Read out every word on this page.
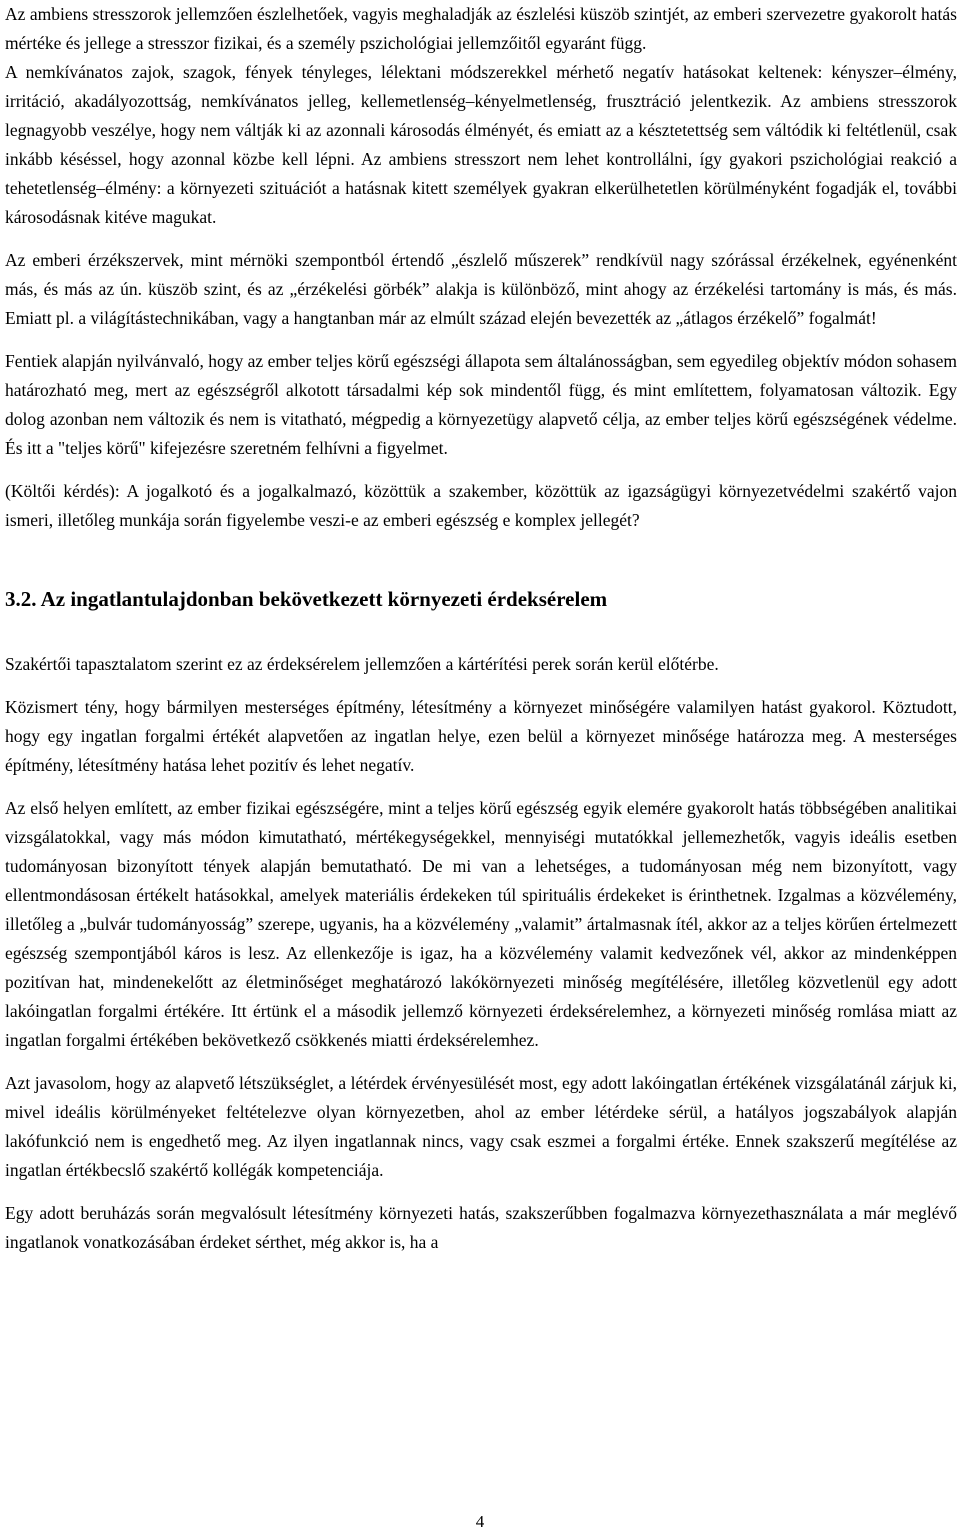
Az ambiens stresszorok jellemzően észlelhetőek, vagyis meghaladják az észlelési küszöb szintjét, az emberi szervezetre gyakorolt hatás mértéke és jellege a stresszor fizikai, és a személy pszichológiai jellemzőitől egyaránt függ.

A nemkívánatos zajok, szagok, fények tényleges, lélektani módszerekkel mérhető negatív hatásokat keltenek: kényszer–élmény, irritáció, akadályozottság, nemkívánatos jelleg, kellemetlenség–kényelmetlenség, frusztráció jelentkezik. Az ambiens stresszorok legnagyobb veszélye, hogy nem váltják ki az azonnali károsodás élményét, és emiatt az a késztetettség sem váltódik ki feltétlenül, csak inkább késéssel, hogy azonnal közbe kell lépni. Az ambiens stresszort nem lehet kontrollálni, így gyakori pszichológiai reakció a tehetetlenség–élmény: a környezeti szituációt a hatásnak kitett személyek gyakran elkerülhetetlen körülményként fogadják el, további károsodásnak kitéve magukat.

Az emberi érzékszervek, mint mérnöki szempontból értendő „észlelő műszerek” rendkívül nagy szórással érzékelnek, egyénenként más, és más az ún. küszöb szint, és az „érzékelési görbék” alakja is különböző, mint ahogy az érzékelési tartomány is más, és más. Emiatt pl. a világítástechnikában, vagy a hangtanban már az elmúlt század elején bevezették az „átlagos érzékelő” fogalmát!

Fentiek alapján nyilvánvaló, hogy az ember teljes körű egészségi állapota sem általánosságban, sem egyedileg objektív módon sohasem határozható meg, mert az egészségről alkotott társadalmi kép sok mindentől függ, és mint említettem, folyamatosan változik. Egy dolog azonban nem változik és nem is vitatható, mégpedig a környezetügy alapvető célja, az ember teljes körű egészségének védelme. És itt a "teljes körű" kifejezésre szeretném felhívni a figyelmet.

(Költői kérdés): A jogalkotó és a jogalkalmazó, közöttük a szakember, közöttük az igazságügyi környezetvédelmi szakértő vajon ismeri, illetőleg munkája során figyelembe veszi-e az emberi egészség e komplex jellegét?

3.2. Az ingatlantulajdonban bekövetkezett környezeti érdeksérelem

Szakértői tapasztalatom szerint ez az érdeksérelem jellemzően a kártérítési perek során kerül előtérbe.

Közismert tény, hogy bármilyen mesterséges építmény, létesítmény a környezet minőségére valamilyen hatást gyakorol. Köztudott, hogy egy ingatlan forgalmi értékét alapvetően az ingatlan helye, ezen belül a környezet minősége határozza meg. A mesterséges építmény, létesítmény hatása lehet pozitív és lehet negatív.

Az első helyen említett, az ember fizikai egészségére, mint a teljes körű egészség egyik elemére gyakorolt hatás többségében analitikai vizsgálatokkal, vagy más módon kimutatható, mértékegységekkel, mennyiségi mutatókkal jellemezhetők, vagyis ideális esetben tudományosan bizonyított tények alapján bemutatható. De mi van a lehetséges, a tudományosan még nem bizonyított, vagy ellentmondásosan értékelt hatásokkal, amelyek materiális érdekeken túl spirituális érdekeket is érinthetnek. Izgalmas a közvélemény, illetőleg a „bulvár tudományosság” szerepe, ugyanis, ha a közvélemény „valamit” ártalmasnak ítél, akkor az a teljes körűen értelmezett egészség szempontjából káros is lesz. Az ellenkezője is igaz, ha a közvélemény valamit kedvezőnek vél, akkor az mindenképpen pozitívan hat, mindenekelőtt az életminőséget meghatározó lakókörnyezeti minőség megítélésére, illetőleg közvetlenül egy adott lakóingatlan forgalmi értékére. Itt értünk el a második jellemző környezeti érdeksérelemhez, a környezeti minőség romlása miatt az ingatlan forgalmi értékében bekövetkező csökkenés miatti érdeksérelemhez.

Azt javasolom, hogy az alapvető létszükséglet, a létérdek érvényesülését most, egy adott lakóingatlan értékének vizsgálatánál zárjuk ki, mivel ideális körülményeket feltételezve olyan környezetben, ahol az ember létérdeke sérül, a hatályos jogszabályok alapján lakófunkció nem is engedhető meg. Az ilyen ingatlannak nincs, vagy csak eszmei a forgalmi értéke. Ennek szakszerű megítélése az ingatlan értékbecslő szakértő kollégák kompetenciája.

Egy adott beruházás során megvalósult létesítmény környezeti hatás, szakszerűbben fogalmazva környezethasználata a már meglévő ingatlanok vonatkozásában érdeket sérthet, még akkor is, ha a

4
